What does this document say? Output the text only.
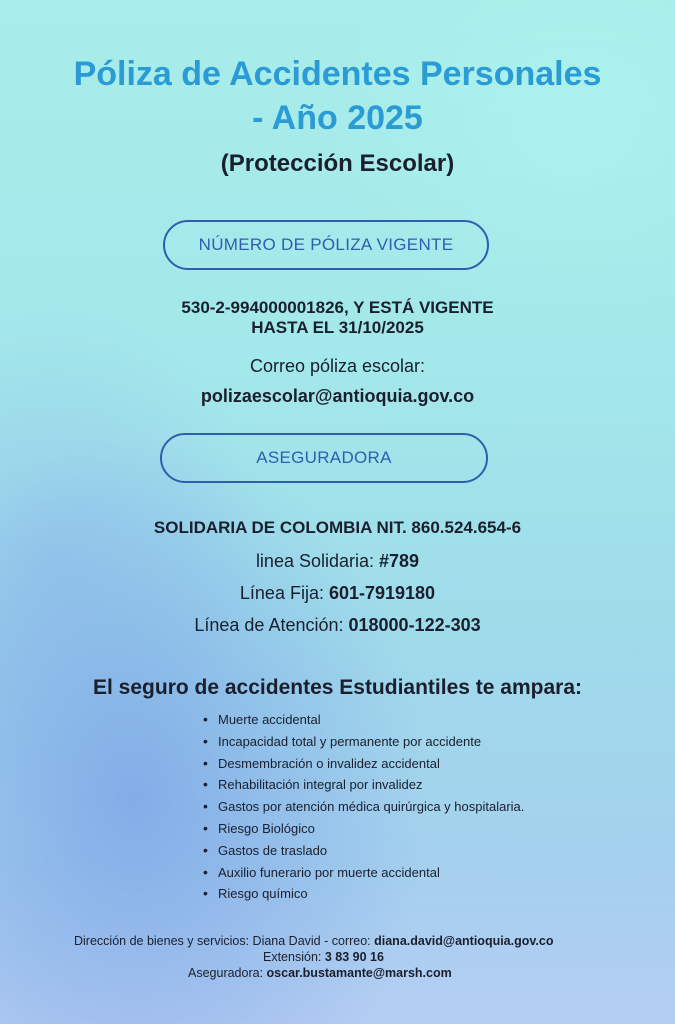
Póliza de Accidentes Personales
- Año 2025
(Protección Escolar)
NÚMERO DE PÓLIZA VIGENTE
530-2-994000001826, Y ESTÁ VIGENTE
HASTA EL 31/10/2025
Correo póliza escolar:
polizaescolar@antioquia.gov.co
ASEGURADORA
SOLIDARIA DE COLOMBIA NIT. 860.524.654-6
linea Solidaria: #789
Línea Fija: 601-7919180
Línea de Atención: 018000-122-303
El seguro de accidentes Estudiantiles te ampara:
• Muerte accidental
• Incapacidad total y permanente por accidente
• Desmembración o invalidez accidental
• Rehabilitación integral por invalidez
• Gastos por atención médica quirúrgica y hospitalaria.
• Riesgo Biológico
• Gastos de traslado
• Auxilio funerario por muerte accidental
• Riesgo químico
Dirección de bienes y servicios: Diana David - correo: diana.david@antioquia.gov.co
Extensión: 3 83 90 16
Aseguradora: oscar.bustamante@marsh.com
